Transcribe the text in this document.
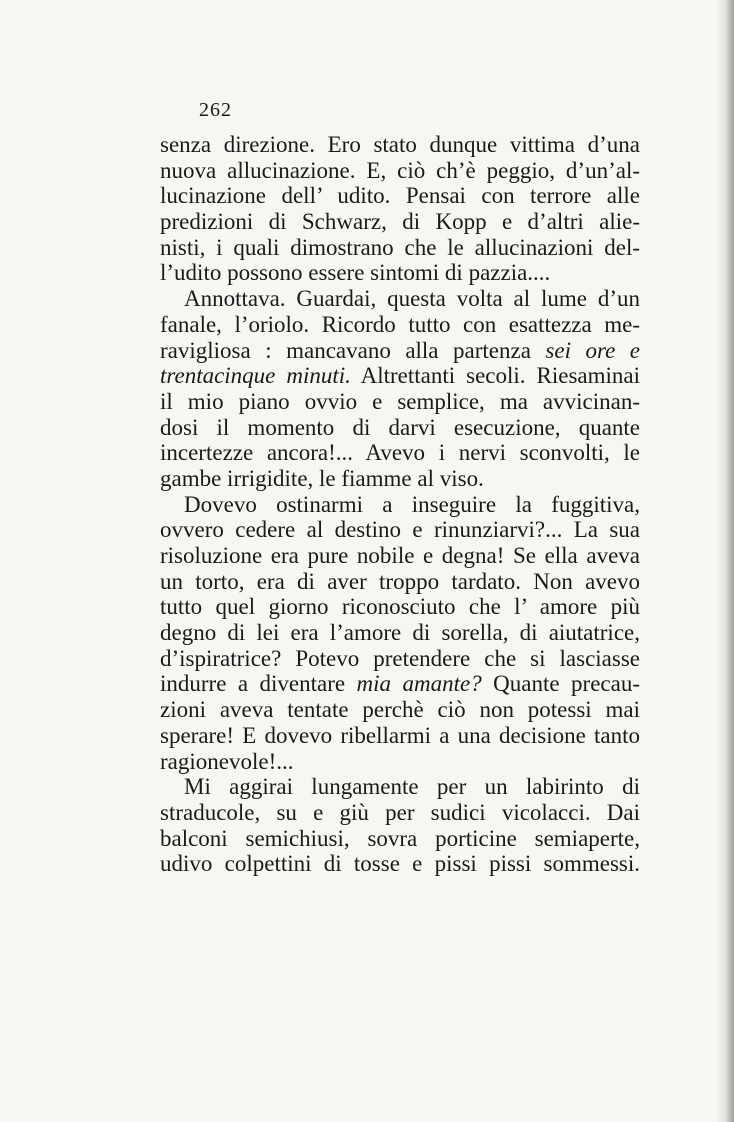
262
senza direzione. Ero stato dunque vittima d’una
nuova allucinazione. E, ciò ch’è peggio, d’un’al-
lucinazione dell’ udito. Pensai con terrore alle
predizioni di Schwarz, di Kopp e d’altri alie-
nisti, i quali dimostrano che le allucinazioni del-
l’udito possono essere sintomi di pazzia....
Annottava. Guardai, questa volta al lume d’un
fanale, l’oriolo. Ricordo tutto con esattezza me-
ravigliosa : mancavano alla partenza sei ore e
trentacinque minuti. Altrettanti secoli. Riesaminai
il mio piano ovvio e semplice, ma avvicinan-
dosi il momento di darvi esecuzione, quante
incertezze ancora!... Avevo i nervi sconvolti, le
gambe irrigidite, le fiamme al viso.
Dovevo ostinarmi a inseguire la fuggitiva,
ovvero cedere al destino e rinunziarvi?... La sua
risoluzione era pure nobile e degna! Se ella aveva
un torto, era di aver troppo tardato. Non avevo
tutto quel giorno riconosciuto che l’ amore più
degno di lei era l’amore di sorella, di aiutatrice,
d’ispiratrice? Potevo pretendere che si lasciasse
indurre a diventare mia amante? Quante precau-
zioni aveva tentate perchè ciò non potessi mai
sperare! E dovevo ribellarmi a una decisione tanto
ragionevole!...
Mi aggirai lungamente per un labirinto di
straducole, su e giù per sudici vicolacci. Dai
balconi semichiusi, sovra porticine semiaperte,
udivo colpettini di tosse e pissi pissi sommessi.
